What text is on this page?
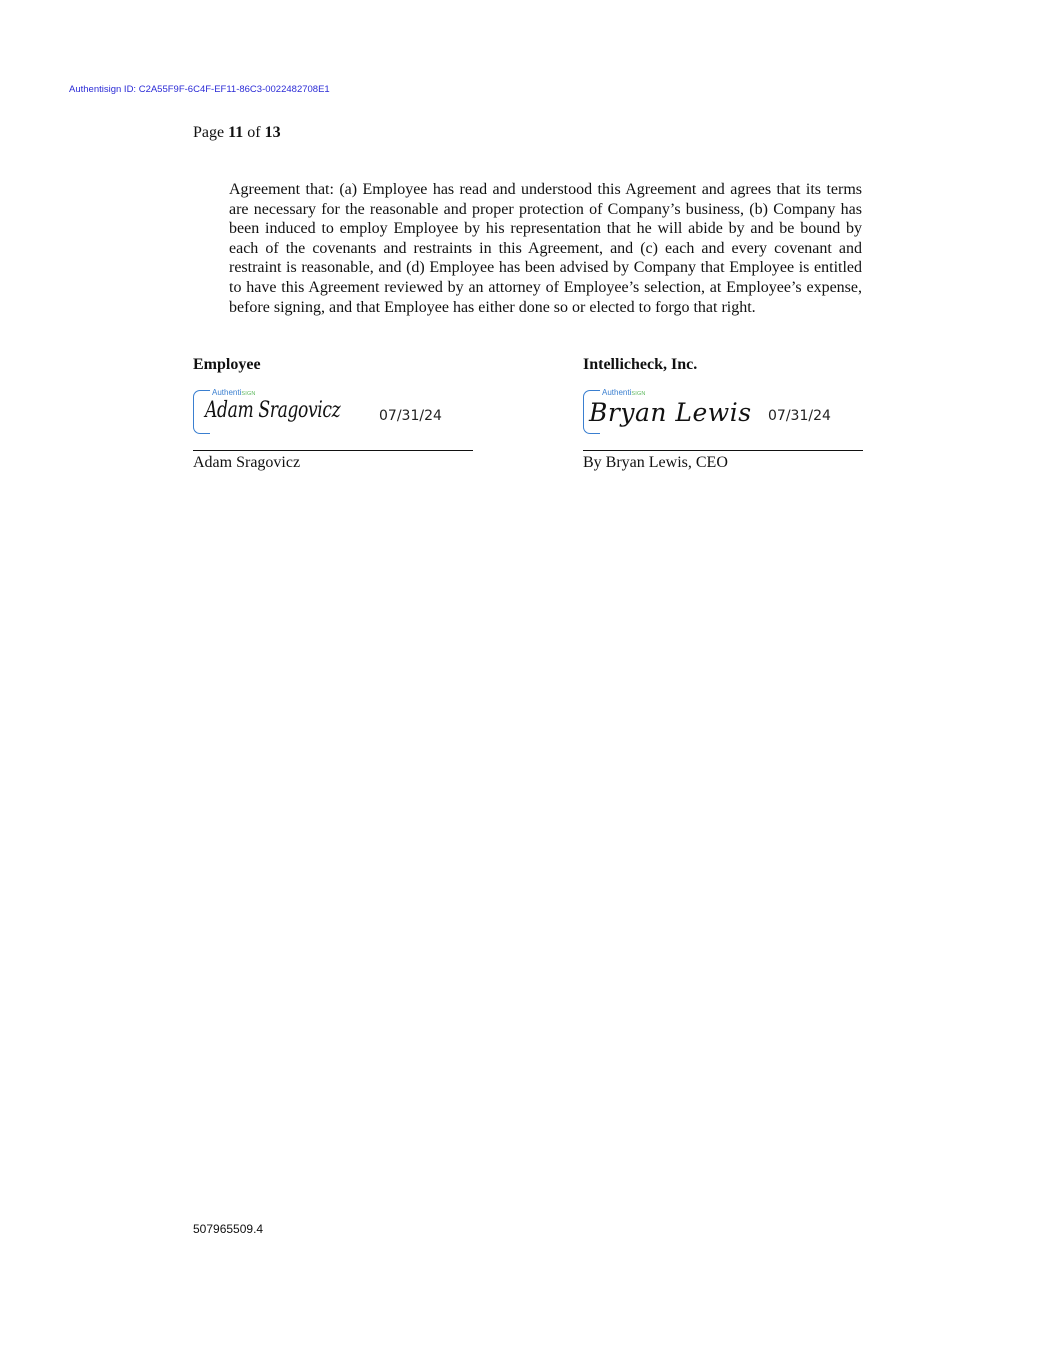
Authentisign ID: C2A55F9F-6C4F-EF11-86C3-0022482708E1
Page 11 of 13
Agreement that: (a) Employee has read and understood this Agreement and agrees that its terms are necessary for the reasonable and proper protection of Company’s business, (b) Company has been induced to employ Employee by his representation that he will abide by and be bound by each of the covenants and restraints in this Agreement, and (c) each and every covenant and restraint is reasonable, and (d) Employee has been advised by Company that Employee is entitled to have this Agreement reviewed by an attorney of Employee’s selection, at Employee’s expense, before signing, and that Employee has either done so or elected to forgo that right.
Employee
AuthentiSIGN
Adam Sragovicz	07/31/24
Adam Sragovicz
Intellicheck, Inc.
AuthentiSIGN
Bryan Lewis 07/31/24
By Bryan Lewis, CEO
507965509.4
